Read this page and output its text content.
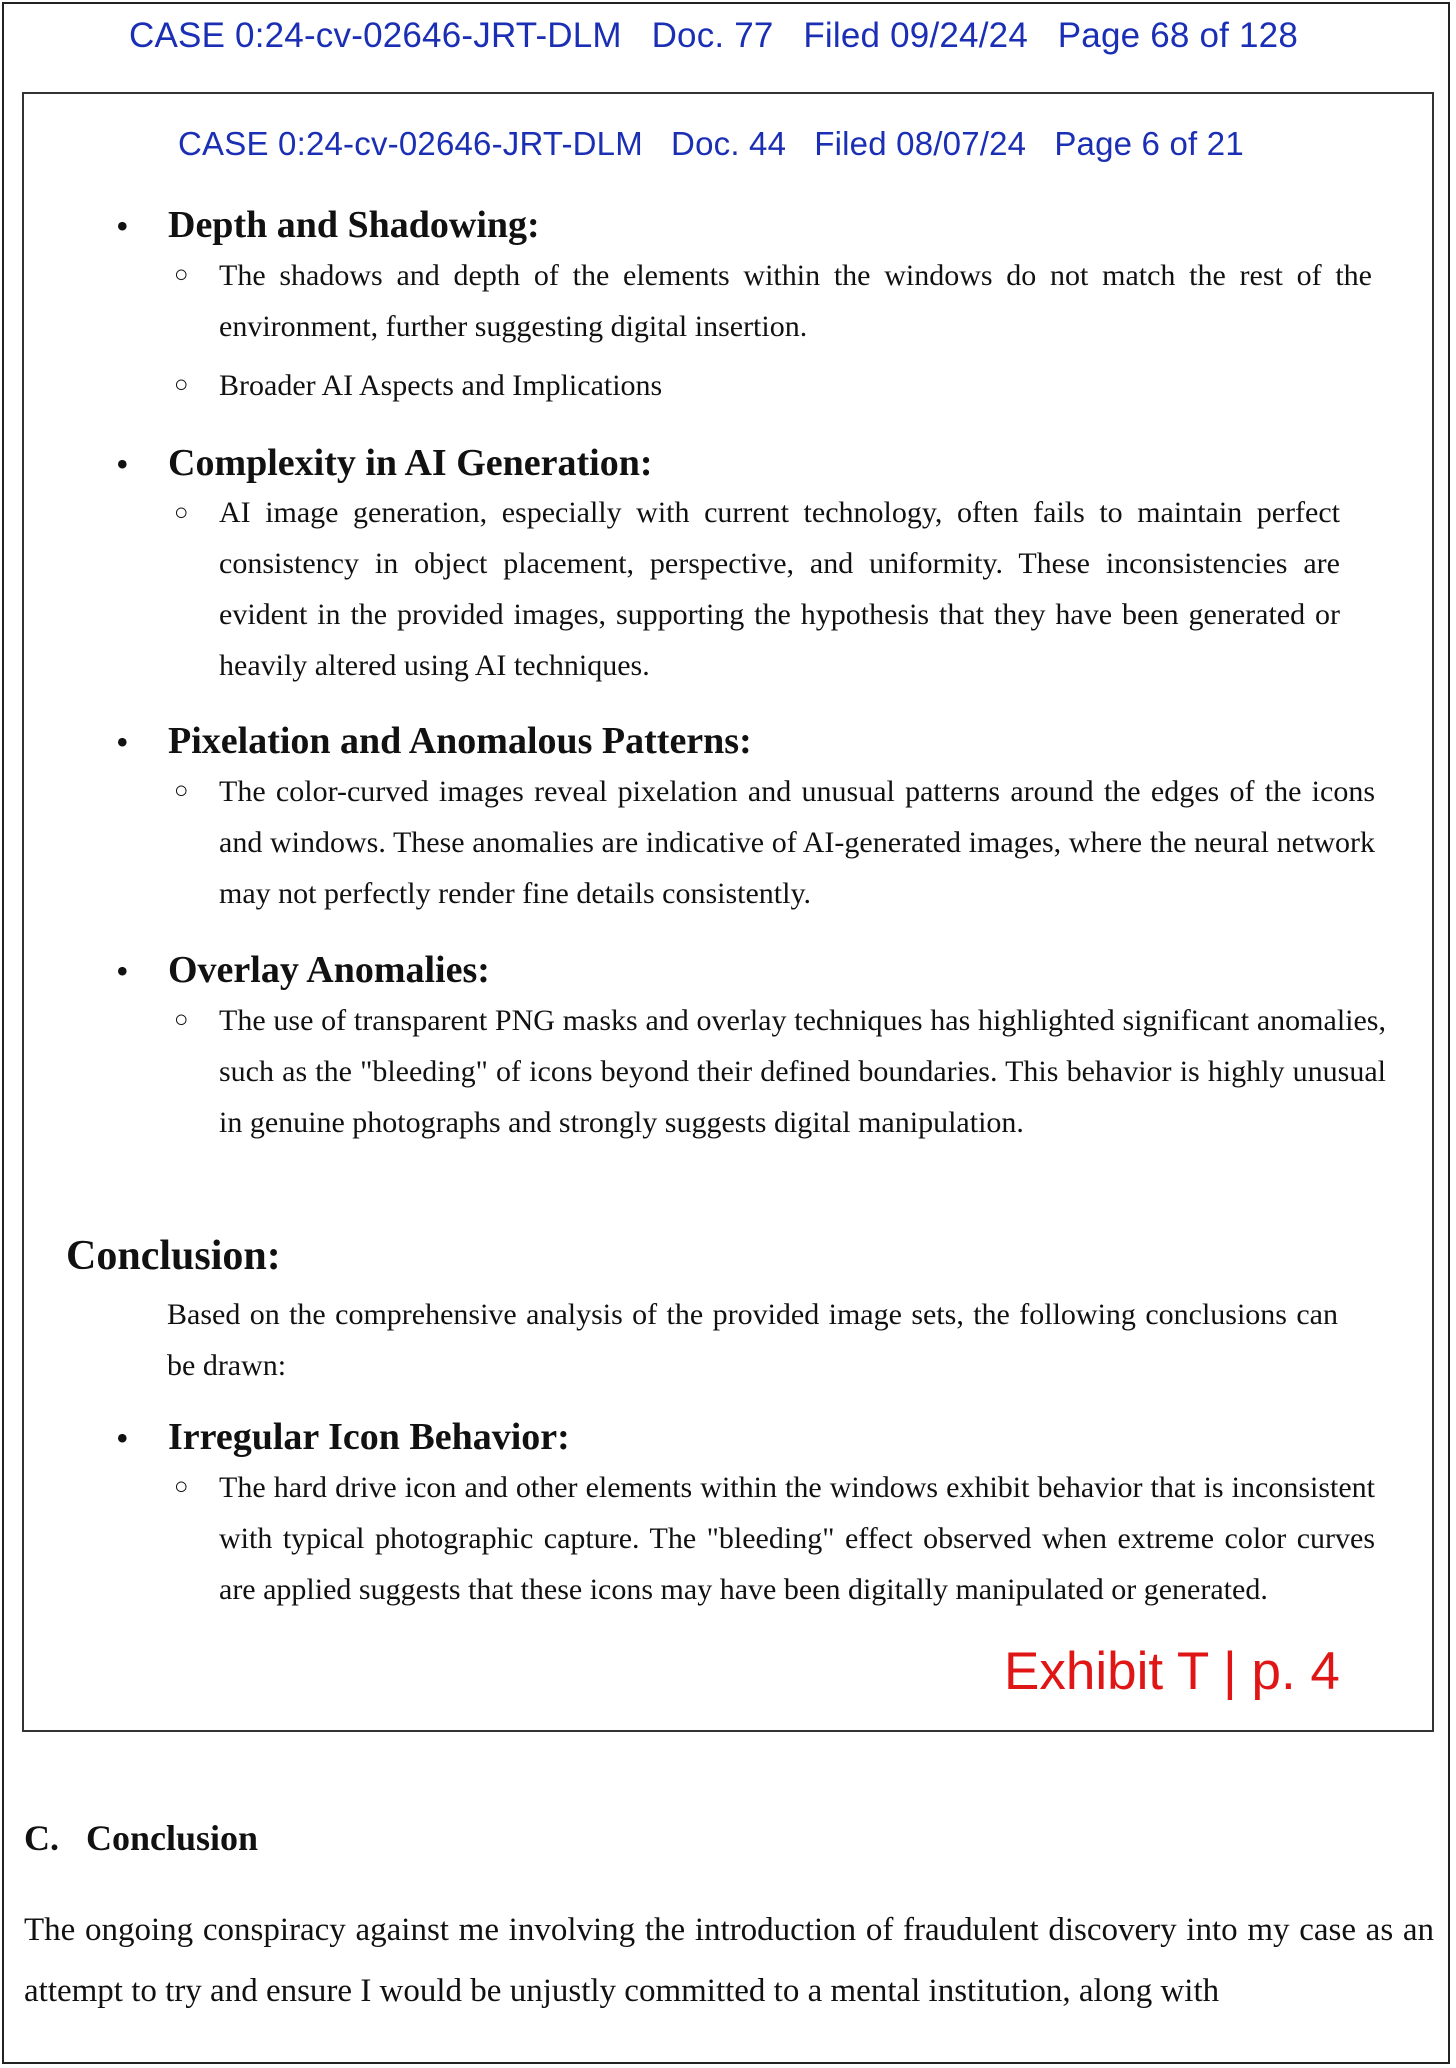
CASE 0:24-cv-02646-JRT-DLM   Doc. 77   Filed 09/24/24   Page 68 of 128
CASE 0:24-cv-02646-JRT-DLM   Doc. 44   Filed 08/07/24   Page 6 of 21
• Depth and Shadowing:
○ The shadows and depth of the elements within the windows do not match the rest of the environment, further suggesting digital insertion.
○ Broader AI Aspects and Implications
• Complexity in AI Generation:
○ AI image generation, especially with current technology, often fails to maintain perfect consistency in object placement, perspective, and uniformity. These inconsistencies are evident in the provided images, supporting the hypothesis that they have been generated or heavily altered using AI techniques.
• Pixelation and Anomalous Patterns:
○ The color-curved images reveal pixelation and unusual patterns around the edges of the icons and windows. These anomalies are indicative of AI-generated images, where the neural network may not perfectly render fine details consistently.
• Overlay Anomalies:
○ The use of transparent PNG masks and overlay techniques has highlighted significant anomalies, such as the "bleeding" of icons beyond their defined boundaries. This behavior is highly unusual in genuine photographs and strongly suggests digital manipulation.
Conclusion:
Based on the comprehensive analysis of the provided image sets, the following conclusions can be drawn:
• Irregular Icon Behavior:
○ The hard drive icon and other elements within the windows exhibit behavior that is inconsistent with typical photographic capture. The "bleeding" effect observed when extreme color curves are applied suggests that these icons may have been digitally manipulated or generated.
Exhibit T | p. 4
C.   Conclusion
The ongoing conspiracy against me involving the introduction of fraudulent discovery into my case as an attempt to try and ensure I would be unjustly committed to a mental institution, along with
